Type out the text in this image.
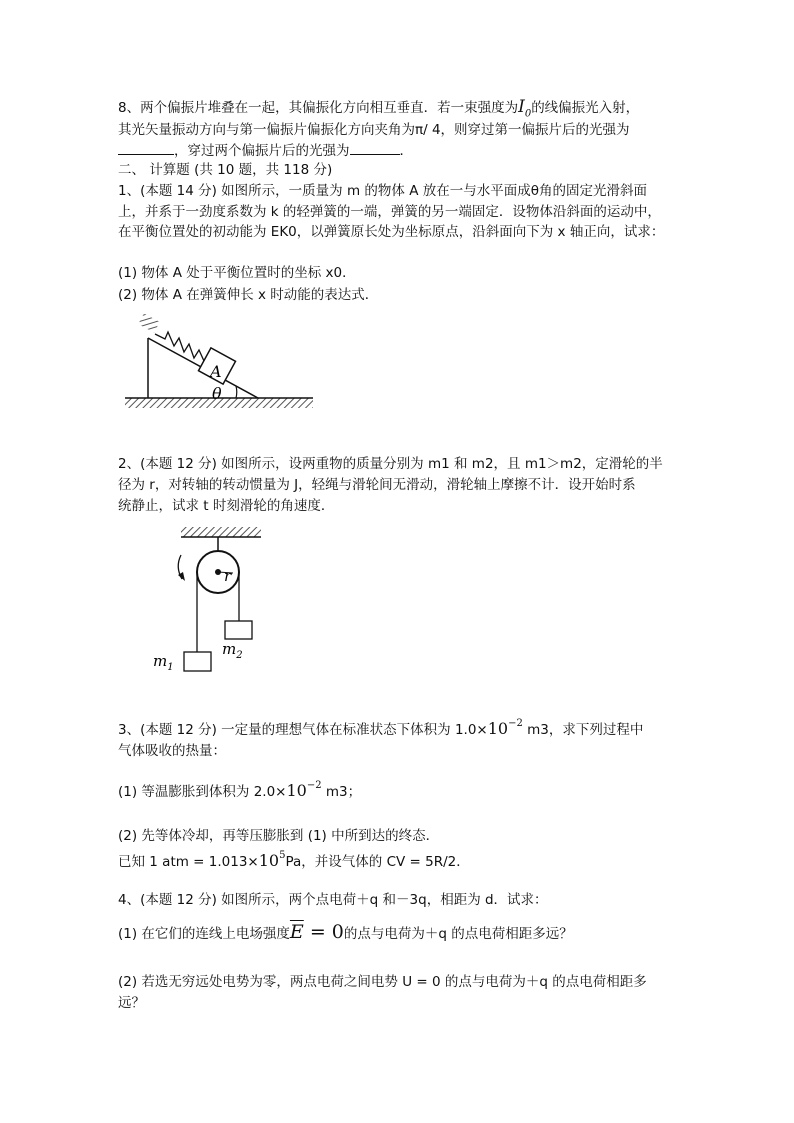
8、两个偏振片堆叠在一起，其偏振化方向相互垂直．若一束强度为$I_0$的线偏振光入射，
其光矢量振动方向与第一偏振片偏振化方向夹角为π/ 4，则穿过第一偏振片后的光强为
，穿过两个偏振片后的光强为	．
二、 计算题 (共 10 题，共 118 分)
1、(本题 14 分) 如图所示，一质量为 m 的物体 A 放在一与水平面成θ角的固定光滑斜面
上，并系于一劲度系数为 k 的轻弹簧的一端，弹簧的另一端固定．设物体沿斜面的运动中，
在平衡位置处的初动能为 EK0，以弹簧原长处为坐标原点，沿斜面向下为 x 轴正向，试求：
(1) 物体 A 处于平衡位置时的坐标 x0．
(2) 物体 A 在弹簧伸长 x 时动能的表达式．
A
θ
2、(本题 12 分) 如图所示，设两重物的质量分别为 m1 和 m2，且 m1＞m2，定滑轮的半
径为 r，对转轴的转动惯量为 J，轻绳与滑轮间无滑动，滑轮轴上摩擦不计．设开始时系
统静止，试求 t 时刻滑轮的角速度．
r
$m_1$
$m_2$
3、(本题 12 分) 一定量的理想气体在标准状态下体积为 $1.0\times 10^{-2}$ m3，求下列过程中
气体吸收的热量：
(1) 等温膨胀到体积为 $2.0\times 10^{-2}$ m3；
(2) 先等体冷却，再等压膨胀到 (1) 中所到达的终态．
已知 1 atm = $1.013\times 10^5Pa$，并设气体的 CV = 5R/2．
4、(本题 12 分) 如图所示，两个点电荷＋q 和－3q，相距为 d．试求：
(1) 在它们的连线上电场强度$\overline{E} = 0$的点与电荷为＋q 的点电荷相距多远？
(2) 若选无穷远处电势为零，两点电荷之间电势 U = 0 的点与电荷为＋q 的点电荷相距多
远？
